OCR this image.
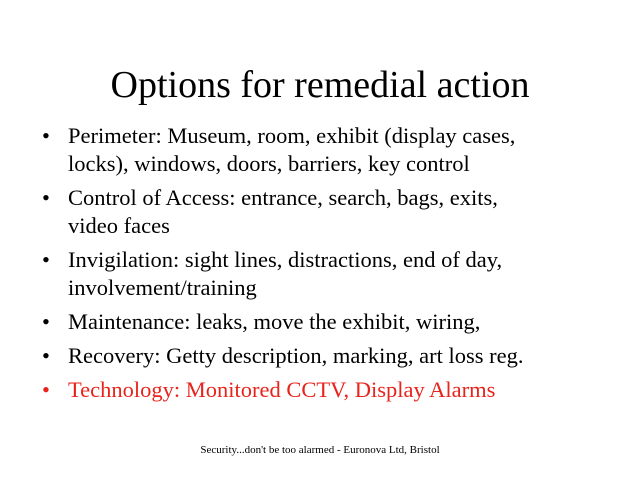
Options for remedial action
• Perimeter: Museum, room, exhibit (display cases,
locks), windows, doors, barriers, key control
• Control of Access: entrance, search, bags, exits,
video faces
• Invigilation: sight lines, distractions, end of day,
involvement/training
• Maintenance: leaks, move the exhibit, wiring,
• Recovery: Getty description, marking, art loss reg.
• Technology: Monitored CCTV, Display Alarms
Security...don't be too alarmed - Euronova Ltd, Bristol
